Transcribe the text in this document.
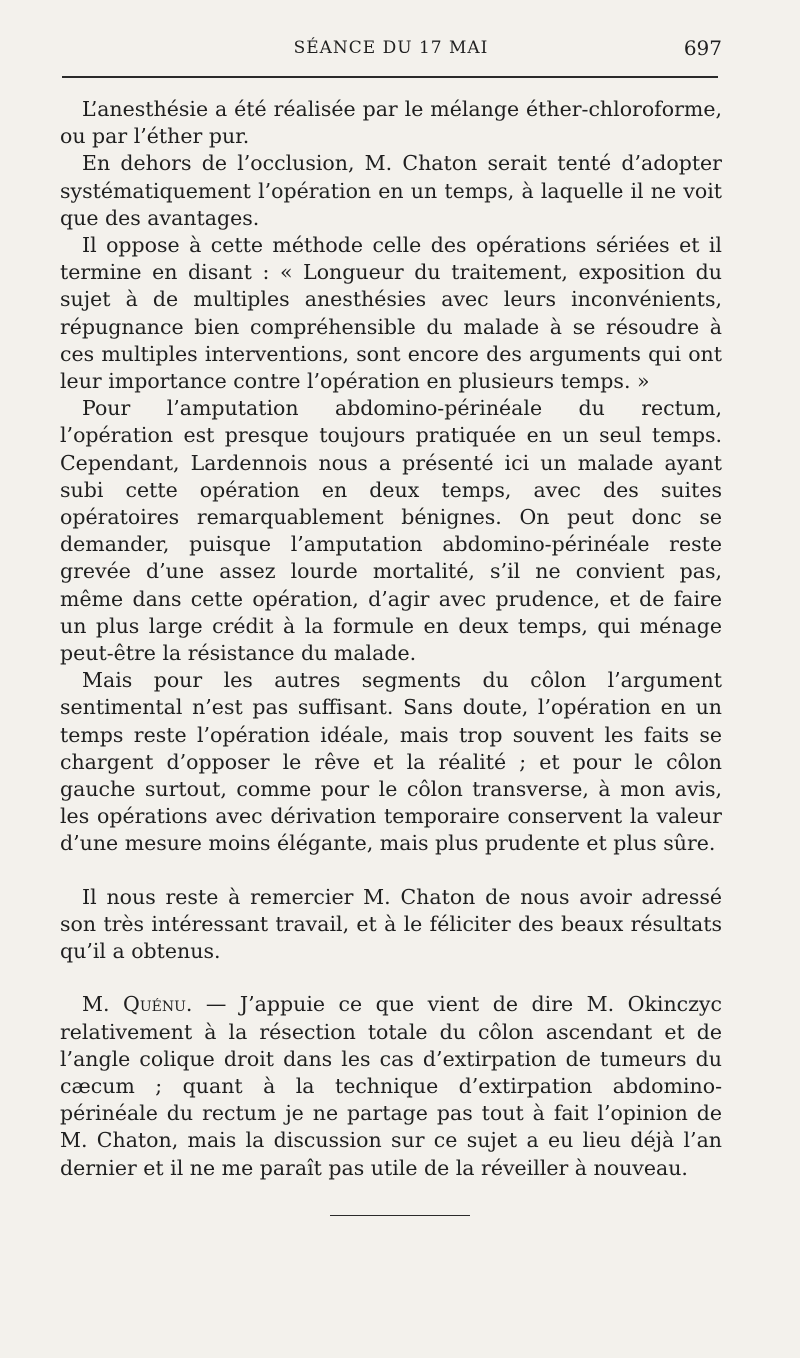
SÉANCE DU 17 MAI	697

L’anesthésie a été réalisée par le mélange éther-chloroforme, ou par l’éther pur.

En dehors de l’occlusion, M. Chaton serait tenté d’adopter systématiquement l’opération en un temps, à laquelle il ne voit que des avantages.

Il oppose à cette méthode celle des opérations sériées et il termine en disant : « Longueur du traitement, exposition du sujet à de multiples anesthésies avec leurs inconvénients, répugnance bien compréhensible du malade à se résoudre à ces multiples interventions, sont encore des arguments qui ont leur importance contre l’opération en plusieurs temps. »

Pour l’amputation abdomino-périnéale du rectum, l’opération est presque toujours pratiquée en un seul temps. Cependant, Lardennois nous a présenté ici un malade ayant subi cette opération en deux temps, avec des suites opératoires remarquablement bénignes. On peut donc se demander, puisque l’amputation abdomino-périnéale reste grevée d’une assez lourde mortalité, s’il ne convient pas, même dans cette opération, d’agir avec prudence, et de faire un plus large crédit à la formule en deux temps, qui ménage peut-être la résistance du malade.

Mais pour les autres segments du côlon l’argument sentimental n’est pas suffisant. Sans doute, l’opération en un temps reste l’opération idéale, mais trop souvent les faits se chargent d’opposer le rêve et la réalité ; et pour le côlon gauche surtout, comme pour le côlon transverse, à mon avis, les opérations avec dérivation temporaire conservent la valeur d’une mesure moins élégante, mais plus prudente et plus sûre.

Il nous reste à remercier M. Chaton de nous avoir adressé son très intéressant travail, et à le féliciter des beaux résultats qu’il a obtenus.

M. Quénu. — J’appuie ce que vient de dire M. Okinczyc relativement à la résection totale du côlon ascendant et de l’angle colique droit dans les cas d’extirpation de tumeurs du cæcum ; quant à la technique d’extirpation abdomino-périnéale du rectum je ne partage pas tout à fait l’opinion de M. Chaton, mais la discussion sur ce sujet a eu lieu déjà l’an dernier et il ne me paraît pas utile de la réveiller à nouveau.
